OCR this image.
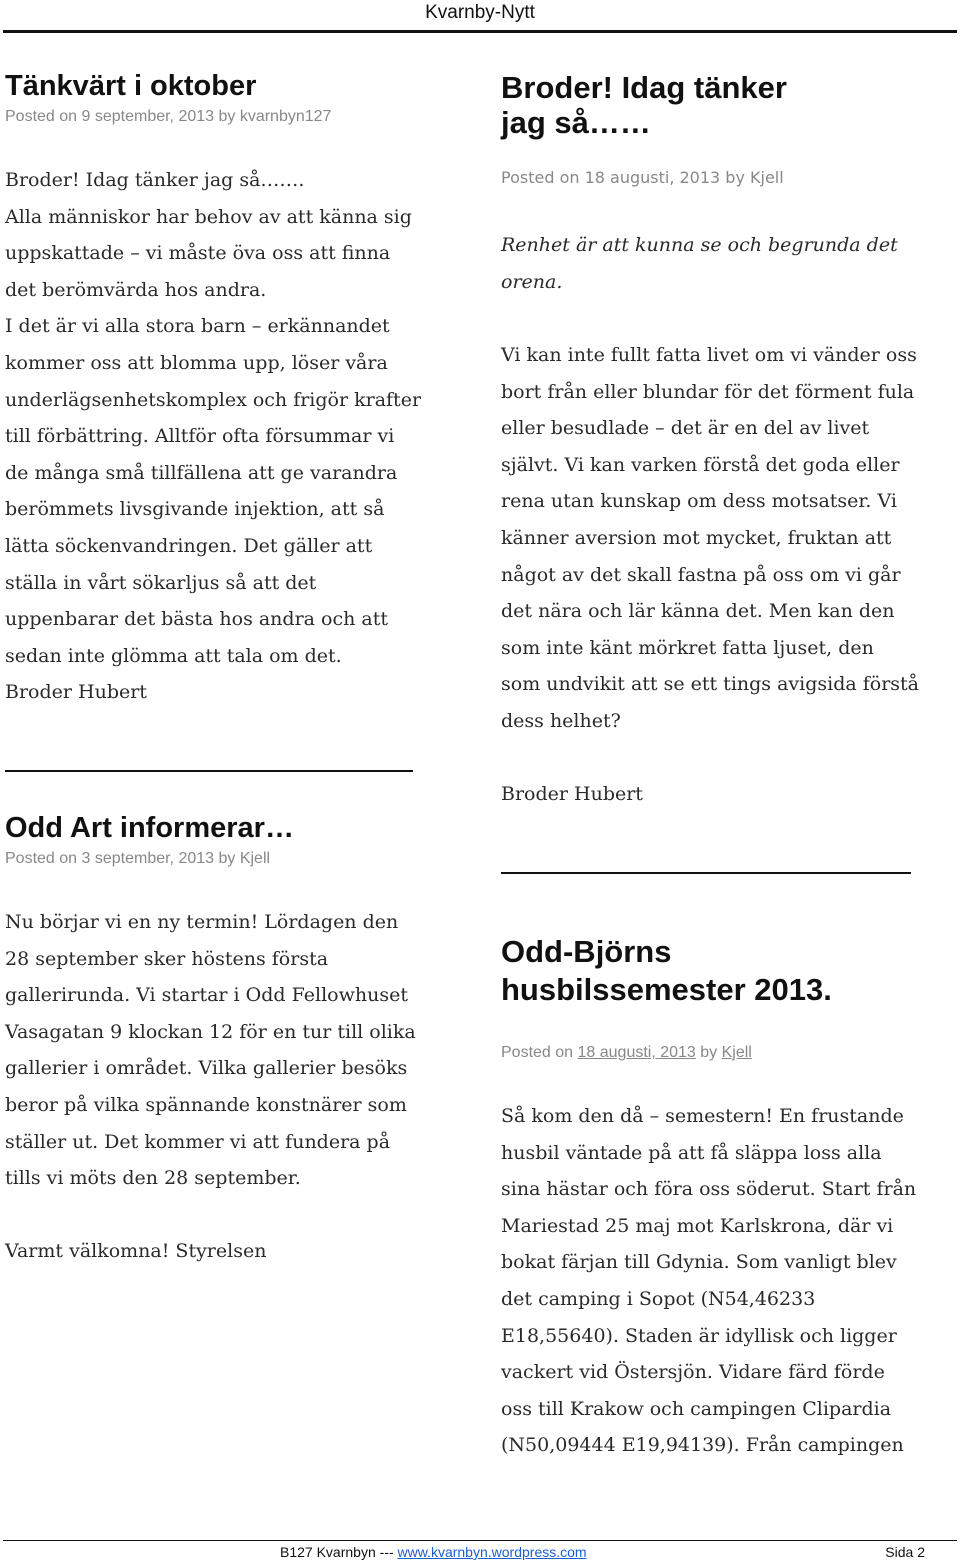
Kvarnby-Nytt
Tänkvärt i oktober
Posted on 9 september, 2013 by kvarnbyn127

Broder! Idag tänker jag så…….

Alla människor har behov av att känna sig

uppskattade – vi måste öva oss att finna

det berömvärda hos andra.

I det är vi alla stora barn – erkännandet

kommer oss att blomma upp, löser våra

underlägsenhetskomplex och frigör krafter

till förbättring. Alltför ofta försummar vi

de många små tillfällena att ge varandra

berömmets livsgivande injektion, att så

lätta söckenvandringen. Det gäller att

ställa in vårt sökarljus så att det

uppenbarar det bästa hos andra och att

sedan inte glömma att tala om det.

Broder Hubert

Odd Art informerar…
Posted on 3 september, 2013 by Kjell

Nu börjar vi en ny termin! Lördagen den

28 september sker höstens första

gallerirunda. Vi startar i Odd Fellowhuset

Vasagatan 9 klockan 12 för en tur till olika

gallerier i området. Vilka gallerier besöks

beror på vilka spännande konstnärer som

ställer ut. Det kommer vi att fundera på

tills vi möts den 28 september.

Varmt välkomna! Styrelsen
Broder! Idag tänker
jag så……
Posted on 18 augusti, 2013 by Kjell

Renhet är att kunna se och begrunda det

orena.

Vi kan inte fullt fatta livet om vi vänder oss

bort från eller blundar för det förment fula

eller besudlade – det är en del av livet

självt. Vi kan varken förstå det goda eller

rena utan kunskap om dess motsatser. Vi

känner aversion mot mycket, fruktan att

något av det skall fastna på oss om vi går

det nära och lär känna det. Men kan den

som inte känt mörkret fatta ljuset, den

som undvikit att se ett tings avigsida förstå

dess helhet?

Broder Hubert
Odd-Björns
husbilssemester 2013.
Posted on 18 augusti, 2013 by Kjell

Så kom den då – semestern! En frustande

husbil väntade på att få släppa loss alla

sina hästar och föra oss söderut. Start från

Mariestad 25 maj mot Karlskrona, där vi

bokat färjan till Gdynia. Som vanligt blev

det camping i Sopot (N54,46233

E18,55640). Staden är idyllisk och ligger

vackert vid Östersjön. Vidare färd förde

oss till Krakow och campingen Clipardia

(N50,09444 E19,94139). Från campingen

B127 Kvarnbyn --- www.kvarnbyn.wordpress.com	Sida 2
